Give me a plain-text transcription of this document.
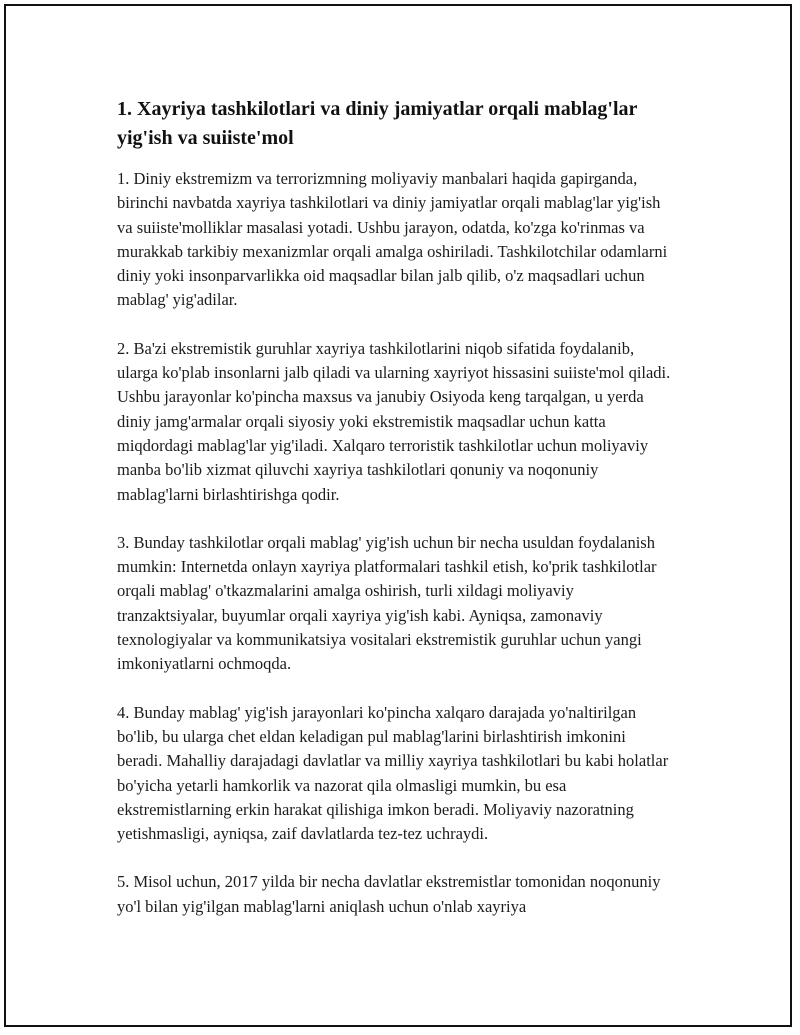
1. Xayriya tashkilotlari va diniy jamiyatlar orqali mablag'lar yig'ish va suiiste'mol

1. Diniy ekstremizm va terrorizmning moliyaviy manbalari haqida gapirganda, birinchi navbatda xayriya tashkilotlari va diniy jamiyatlar orqali mablag'lar yig'ish va suiiste'molliklar masalasi yotadi. Ushbu jarayon, odatda, ko'zga ko'rinmas va murakkab tarkibiy mexanizmlar orqali amalga oshiriladi. Tashkilotchilar odamlarni diniy yoki insonparvarlikka oid maqsadlar bilan jalb qilib, o'z maqsadlari uchun mablag' yig'adilar.

2. Ba'zi ekstremistik guruhlar xayriya tashkilotlarini niqob sifatida foydalanib, ularga ko'plab insonlarni jalb qiladi va ularning xayriyot hissasini suiiste'mol qiladi. Ushbu jarayonlar ko'pincha maxsus va janubiy Osiyoda keng tarqalgan, u yerda diniy jamg'armalar orqali siyosiy yoki ekstremistik maqsadlar uchun katta miqdordagi mablag'lar yig'iladi. Xalqaro terroristik tashkilotlar uchun moliyaviy manba bo'lib xizmat qiluvchi xayriya tashkilotlari qonuniy va noqonuniy mablag'larni birlashtirishga qodir.

3. Bunday tashkilotlar orqali mablag' yig'ish uchun bir necha usuldan foydalanish mumkin: Internetda onlayn xayriya platformalari tashkil etish, ko'prik tashkilotlar orqali mablag' o'tkazmalarini amalga oshirish, turli xildagi moliyaviy tranzaktsiyalar, buyumlar orqali xayriya yig'ish kabi. Ayniqsa, zamonaviy texnologiyalar va kommunikatsiya vositalari ekstremistik guruhlar uchun yangi imkoniyatlarni ochmoqda.

4. Bunday mablag' yig'ish jarayonlari ko'pincha xalqaro darajada yo'naltirilgan bo'lib, bu ularga chet eldan keladigan pul mablag'larini birlashtirish imkonini beradi. Mahalliy darajadagi davlatlar va milliy xayriya tashkilotlari bu kabi holatlar bo'yicha yetarli hamkorlik va nazorat qila olmasligi mumkin, bu esa ekstremistlarning erkin harakat qilishiga imkon beradi. Moliyaviy nazoratning yetishmasligi, ayniqsa, zaif davlatlarda tez-tez uchraydi.

5. Misol uchun, 2017 yilda bir necha davlatlar ekstremistlar tomonidan noqonuniy yo'l bilan yig'ilgan mablag'larni aniqlash uchun o'nlab xayriya
